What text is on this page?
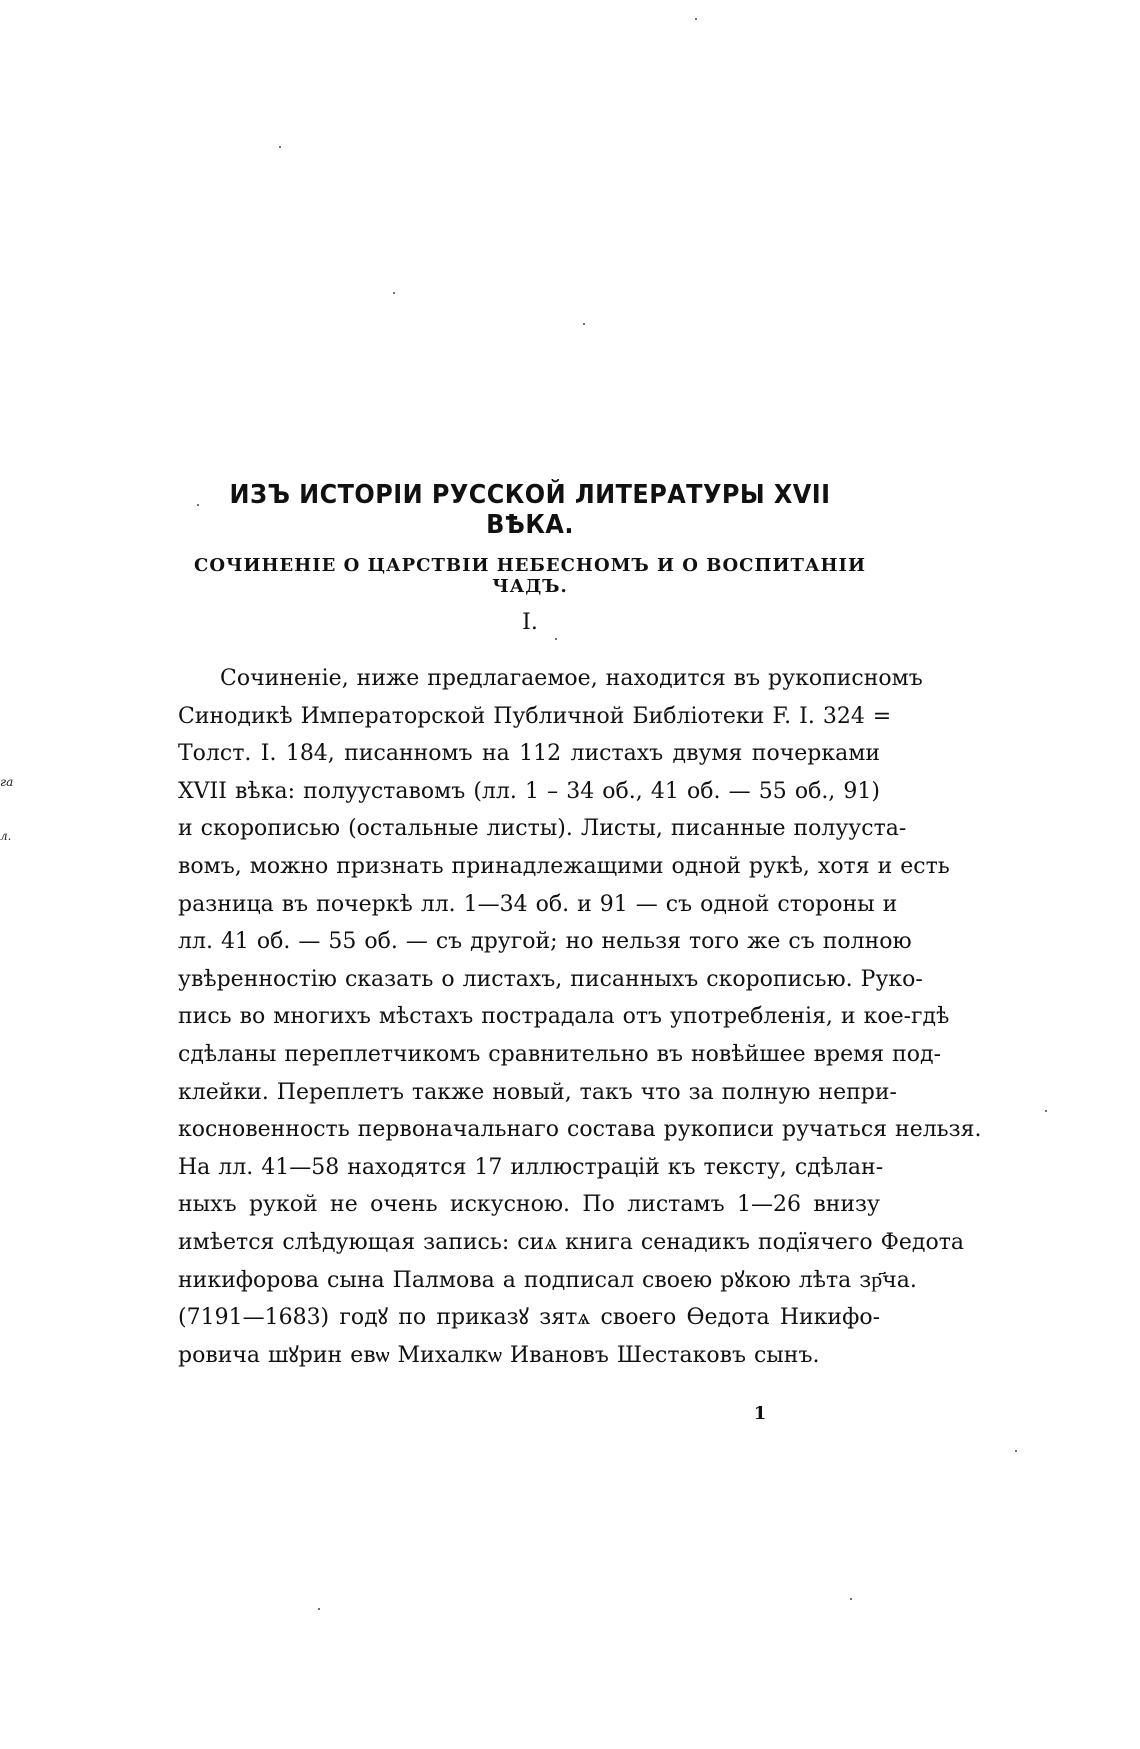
га
л.
ИЗЪ ИСТОРІИ РУССКОЙ ЛИТЕРАТУРЫ XVII ВѢКА.
СОЧИНЕНІЕ О ЦАРСТВІИ НЕБЕСНОМЪ И О ВОСПИТАНІИ ЧАДЪ.
I.
Сочиненіе, ниже предлагаемое, находится въ рукописномъ
Синодикѣ Императорской Публичной Библіотеки F. I. 324 =
Толст. I. 184, писанномъ на 112 листахъ двумя почерками
XVII вѣка: полууставомъ (лл. 1 – 34 об., 41 об. — 55 об., 91)
и скорописью (остальные листы). Листы, писанные полууста-
вомъ, можно признать принадлежащими одной рукѣ, хотя и есть
разница въ почеркѣ лл. 1—34 об. и 91 — съ одной стороны и
лл. 41 об. — 55 об. — съ другой; но нельзя того же съ полною
увѣренностію сказать о листахъ, писанныхъ скорописью. Руко-
пись во многихъ мѣстахъ пострадала отъ употребленія, и кое-гдѣ
сдѣланы переплетчикомъ сравнительно въ новѣйшее время под-
клейки. Переплетъ также новый, такъ что за полную непри-
косновенность первоначальнаго состава рукописи ручаться нельзя.
На лл. 41—58 находятся 17 иллюстрацій къ тексту, сдѣлан-
ныхъ рукой не очень искусною. По листамъ 1—26 внизу
имѣется слѣдующая запись: сиѧ книга сенадикъ подїячего Федота
никифорова сына Палмова а подписал своею рꙋкою лѣта зр҃ча.
(7191—1683) годꙋ по приказꙋ зятѧ своего Ѳедота Никифо-
ровича шꙋрин евѡ Михалкѡ Ивановъ Шестаковъ сынъ.
1
